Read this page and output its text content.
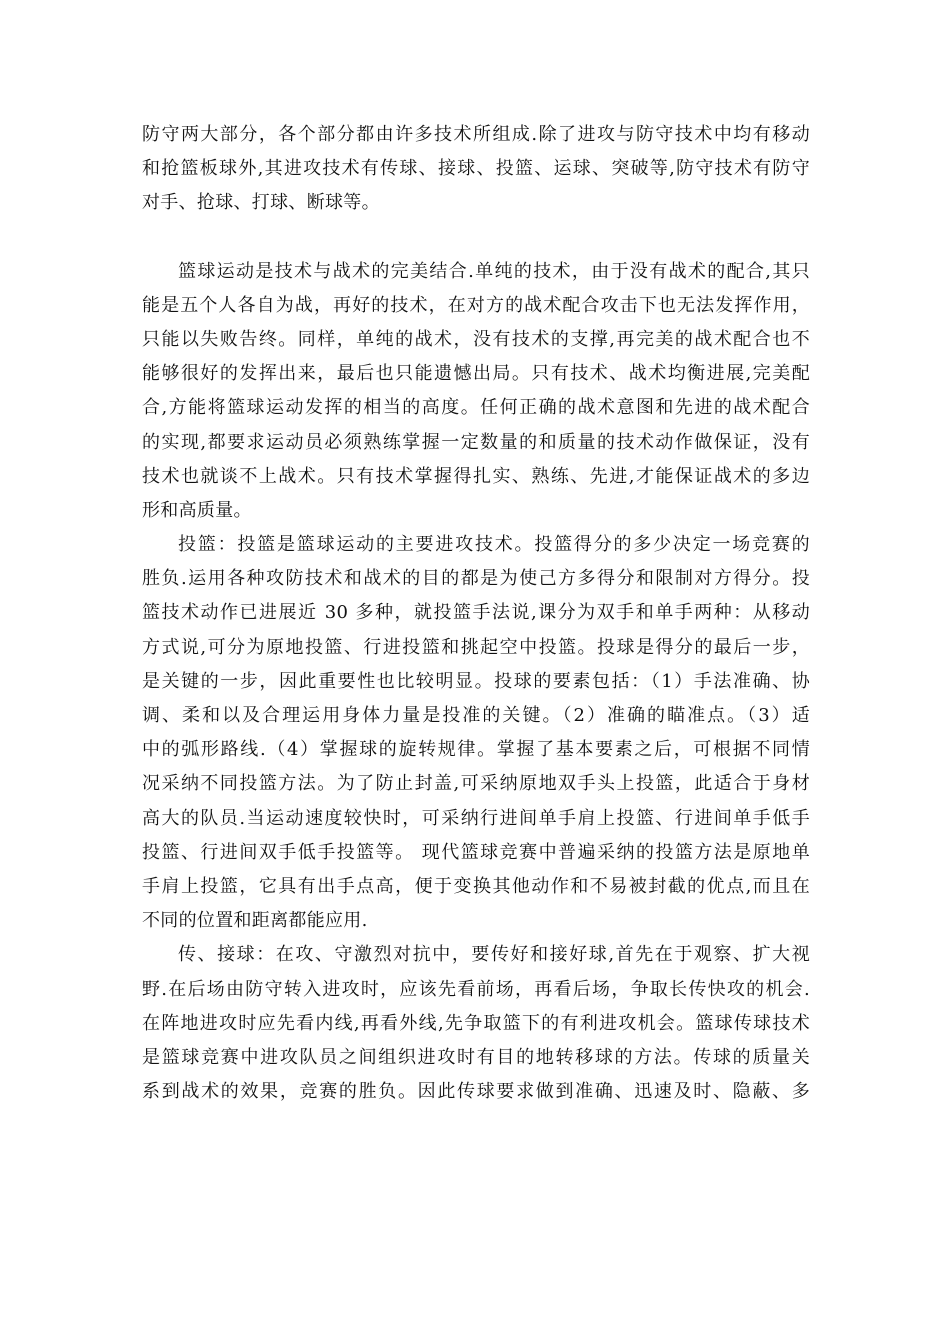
防守两大部分，各个部分都由许多技术所组成.除了进攻与防守技术中均有移动
和抢篮板球外,其进攻技术有传球、接球、投篮、运球、突破等,防守技术有防守
对手、抢球、打球、断球等。
篮球运动是技术与战术的完美结合.单纯的技术，由于没有战术的配合,其只
能是五个人各自为战，再好的技术，在对方的战术配合攻击下也无法发挥作用，
只能以失败告终。同样，单纯的战术，没有技术的支撑,再完美的战术配合也不
能够很好的发挥出来，最后也只能遗憾出局。只有技术、战术均衡进展,完美配
合,方能将篮球运动发挥的相当的高度。任何正确的战术意图和先进的战术配合
的实现,都要求运动员必须熟练掌握一定数量的和质量的技术动作做保证，没有
技术也就谈不上战术。只有技术掌握得扎实、熟练、先进,才能保证战术的多边
形和高质量。
投篮：投篮是篮球运动的主要进攻技术。投篮得分的多少决定一场竞赛的
胜负.运用各种攻防技术和战术的目的都是为使己方多得分和限制对方得分。投
篮技术动作已进展近 30 多种，就投篮手法说,课分为双手和单手两种：从移动
方式说,可分为原地投篮、行进投篮和挑起空中投篮。投球是得分的最后一步，
是关键的一步，因此重要性也比较明显。投球的要素包括：（1）手法准确、协
调、柔和以及合理运用身体力量是投准的关键。（2）准确的瞄准点。（3）适
中的弧形路线.（4）掌握球的旋转规律。掌握了基本要素之后，可根据不同情
况采纳不同投篮方法。为了防止封盖,可采纳原地双手头上投篮，此适合于身材
高大的队员.当运动速度较快时，可采纳行进间单手肩上投篮、行进间单手低手
投篮、行进间双手低手投篮等。 现代篮球竞赛中普遍采纳的投篮方法是原地单
手肩上投篮，它具有出手点高，便于变换其他动作和不易被封截的优点,而且在
不同的位置和距离都能应用.
传、接球：在攻、守激烈对抗中，要传好和接好球,首先在于观察、扩大视
野.在后场由防守转入进攻时，应该先看前场，再看后场，争取长传快攻的机会.
在阵地进攻时应先看内线,再看外线,先争取篮下的有利进攻机会。篮球传球技术
是篮球竞赛中进攻队员之间组织进攻时有目的地转移球的方法。传球的质量关
系到战术的效果，竞赛的胜负。因此传球要求做到准确、迅速及时、隐蔽、多
